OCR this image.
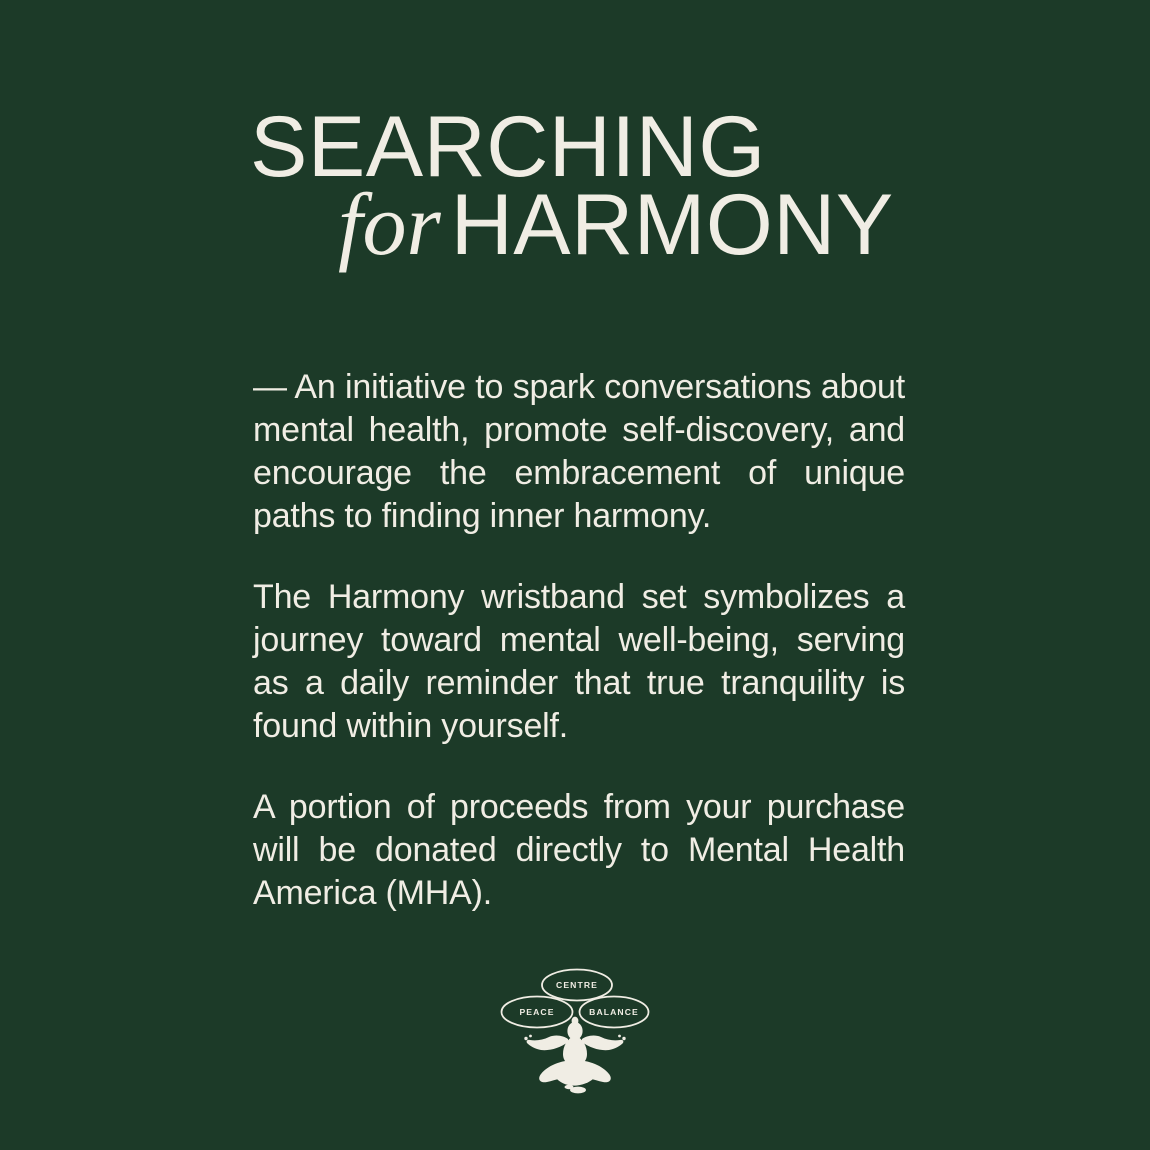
SEARCHING
for HARMONY

— An initiative to spark conversations about mental health, promote self-discovery, and encourage the embracement of unique paths to finding inner harmony.

The Harmony wristband set symbolizes a journey toward mental well-being, serving as a daily reminder that true tranquility is found within yourself.

A portion of proceeds from your purchase will be donated directly to Mental Health America (MHA).

CENTRE
PEACE	BALANCE
